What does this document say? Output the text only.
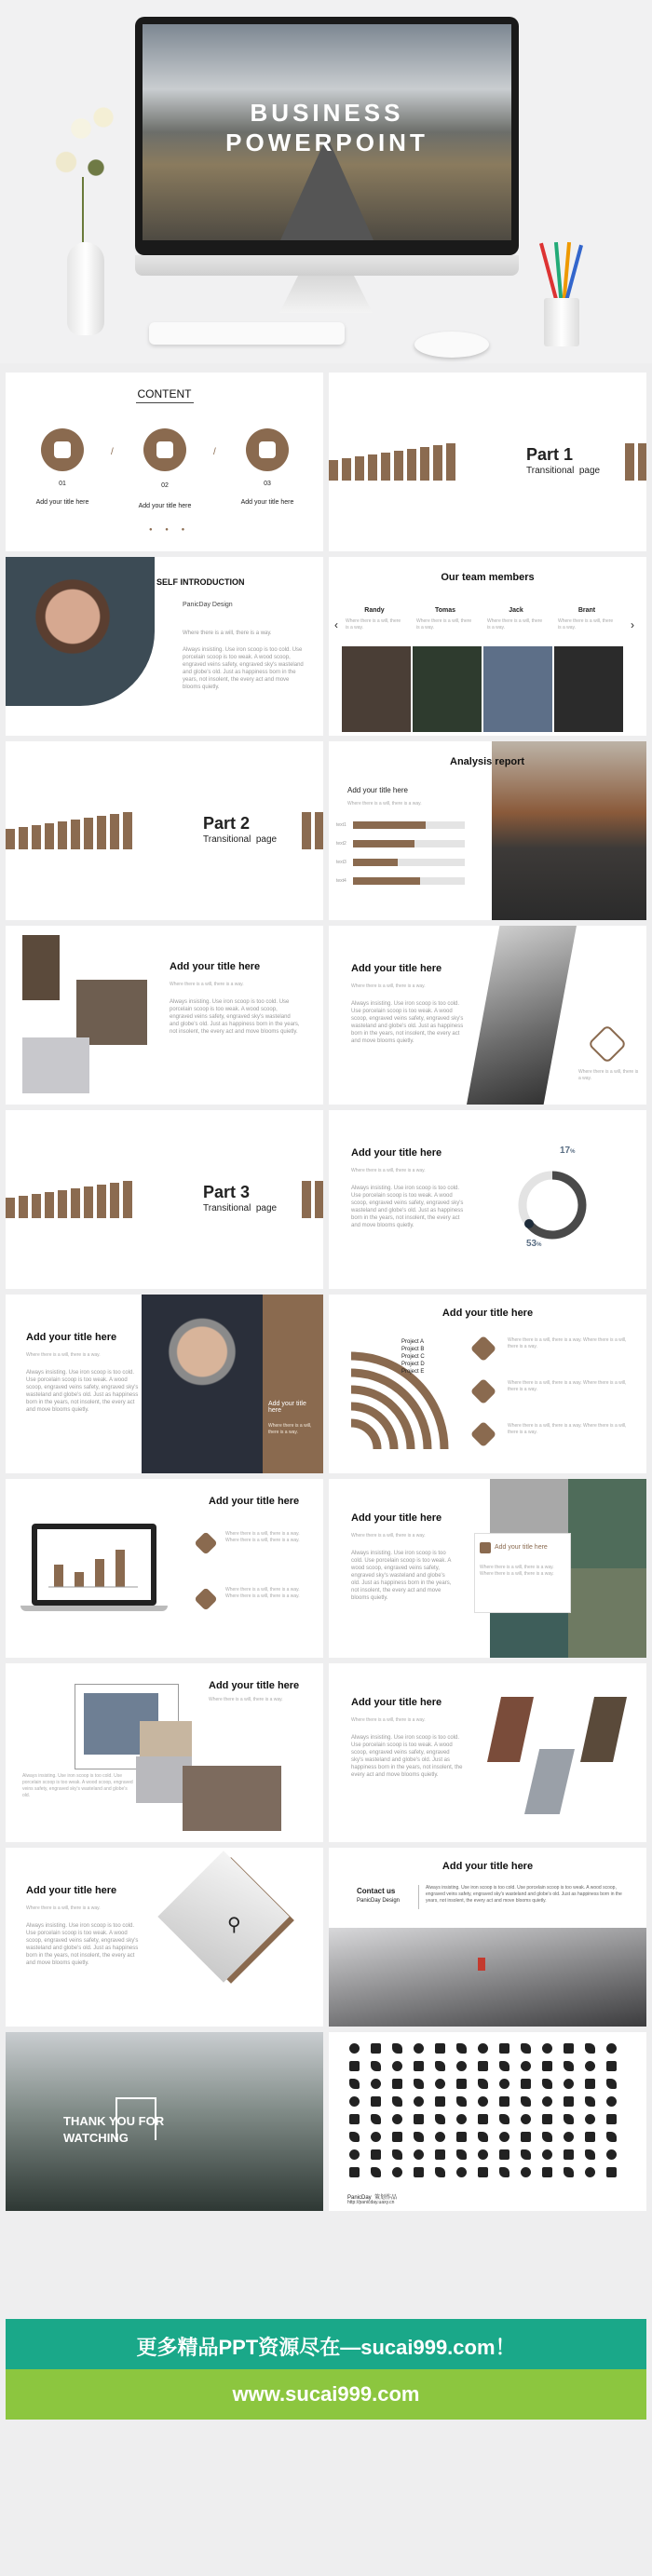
BUSINESS
POWERPOINT
CONTENT
/	/
01	02	03
Add your title here
Add your title here
Add your title here
● ● ●
Part 1
Transitional  page
SELF INTRODUCTION
PanicDay Design
Where there is a will, there is a way.
Always insisting. Use iron scoop is too cold. Use porcelain scoop is too weak. A wood scoop, engraved veins safety, engraved sky's wasteland and globe's old. Just as happiness born in the years, not insolent, the every act and move blooms quietly.
Our team members
‹	›
Randy	Tomas	Jack	Brant
Where there is a will, there is a way.
Where there is a will, there is a way.
Where there is a will, there is a way.
Where there is a will, there is a way.
Part 2
Transitional  page
Analysis report
Add your title here
Where there is a will, there is a way.
text1
text2
text3
text4
Add your title here
Where there is a will, there is a way.
Always insisting. Use iron scoop is too cold. Use porcelain scoop is too weak. A wood scoop, engraved veins safety, engraved sky's wasteland and globe's old. Just as happiness born in the years, not insolent, the every act and move blooms quietly.
Add your title here
Where there is a will, there is a way.
Always insisting. Use iron scoop is too cold. Use porcelain scoop is too weak. A wood scoop, engraved veins safety, engraved sky's wasteland and globe's old. Just as happiness born in the years, not insolent, the every act and move blooms quietly.
Where there is a will, there is a way.
Part 3
Transitional  page
Add your title here
Where there is a will, there is a way.
Always insisting. Use iron scoop is too cold. Use porcelain scoop is too weak. A wood scoop, engraved veins safety, engraved sky's wasteland and globe's old. Just as happiness born in the years, not insolent, the every act and move blooms quietly.
17%
53%
Add your title here
Where there is a will, there is a way.
Always insisting. Use iron scoop is too cold. Use porcelain scoop is too weak. A wood scoop, engraved veins safety, engraved sky's wasteland and globe's old. Just as happiness born in the years, not insolent, the every act and move blooms quietly.
Add your title here
Where there is a will, there is a way.
Add your title here
Project A
Project B
Project C
Project D
Project E
Where there is a will, there is a way. Where there is a will, there is a way.
Where there is a will, there is a way. Where there is a will, there is a way.
Where there is a will, there is a way. Where there is a will, there is a way.
Add your title here
Where there is a will, there is a way. Where there is a will, there is a way.
Where there is a will, there is a way. Where there is a will, there is a way.
Add your title here
Where there is a will, there is a way.
Always insisting. Use iron scoop is too cold. Use porcelain scoop is too weak. A wood scoop, engraved veins safety, engraved sky's wasteland and globe's old. Just as happiness born in the years, not insolent, the every act and move blooms quietly.
Add your title here
Where there is a will, there is a way. Where there is a will, there is a way.
Add your title here
Where there is a will, there is a way.
Always insisting. Use iron scoop is too cold. Use porcelain scoop is too weak. A wood scoop, engraved veins safety, engraved sky's wasteland and globe's old.
Add your title here
Where there is a will, there is a way.
Always insisting. Use iron scoop is too cold. Use porcelain scoop is too weak. A wood scoop, engraved veins safety, engraved sky's wasteland and globe's old. Just as happiness born in the years, not insolent, the every act and move blooms quietly.
Add your title here
Where there is a will, there is a way.
Always insisting. Use iron scoop is too cold. Use porcelain scoop is too weak. A wood scoop, engraved veins safety, engraved sky's wasteland and globe's old. Just as happiness born in the years, not insolent, the every act and move blooms quietly.
⚲
Add your title here
Contact us
PanicDay Design
Always insisting. Use iron scoop is too cold. Use porcelain scoop is too weak. A wood scoop, engraved veins safety, engraved sky's wasteland and globe's old. Just as happiness born in the years, not insolent, the every act and move blooms quietly.
THANK YOU FOR
WATCHING
PanicDay  策划作品
http://panicday.uaxy.cn
更多精品PPT资源尽在—sucai999.com！
www.sucai999.com
